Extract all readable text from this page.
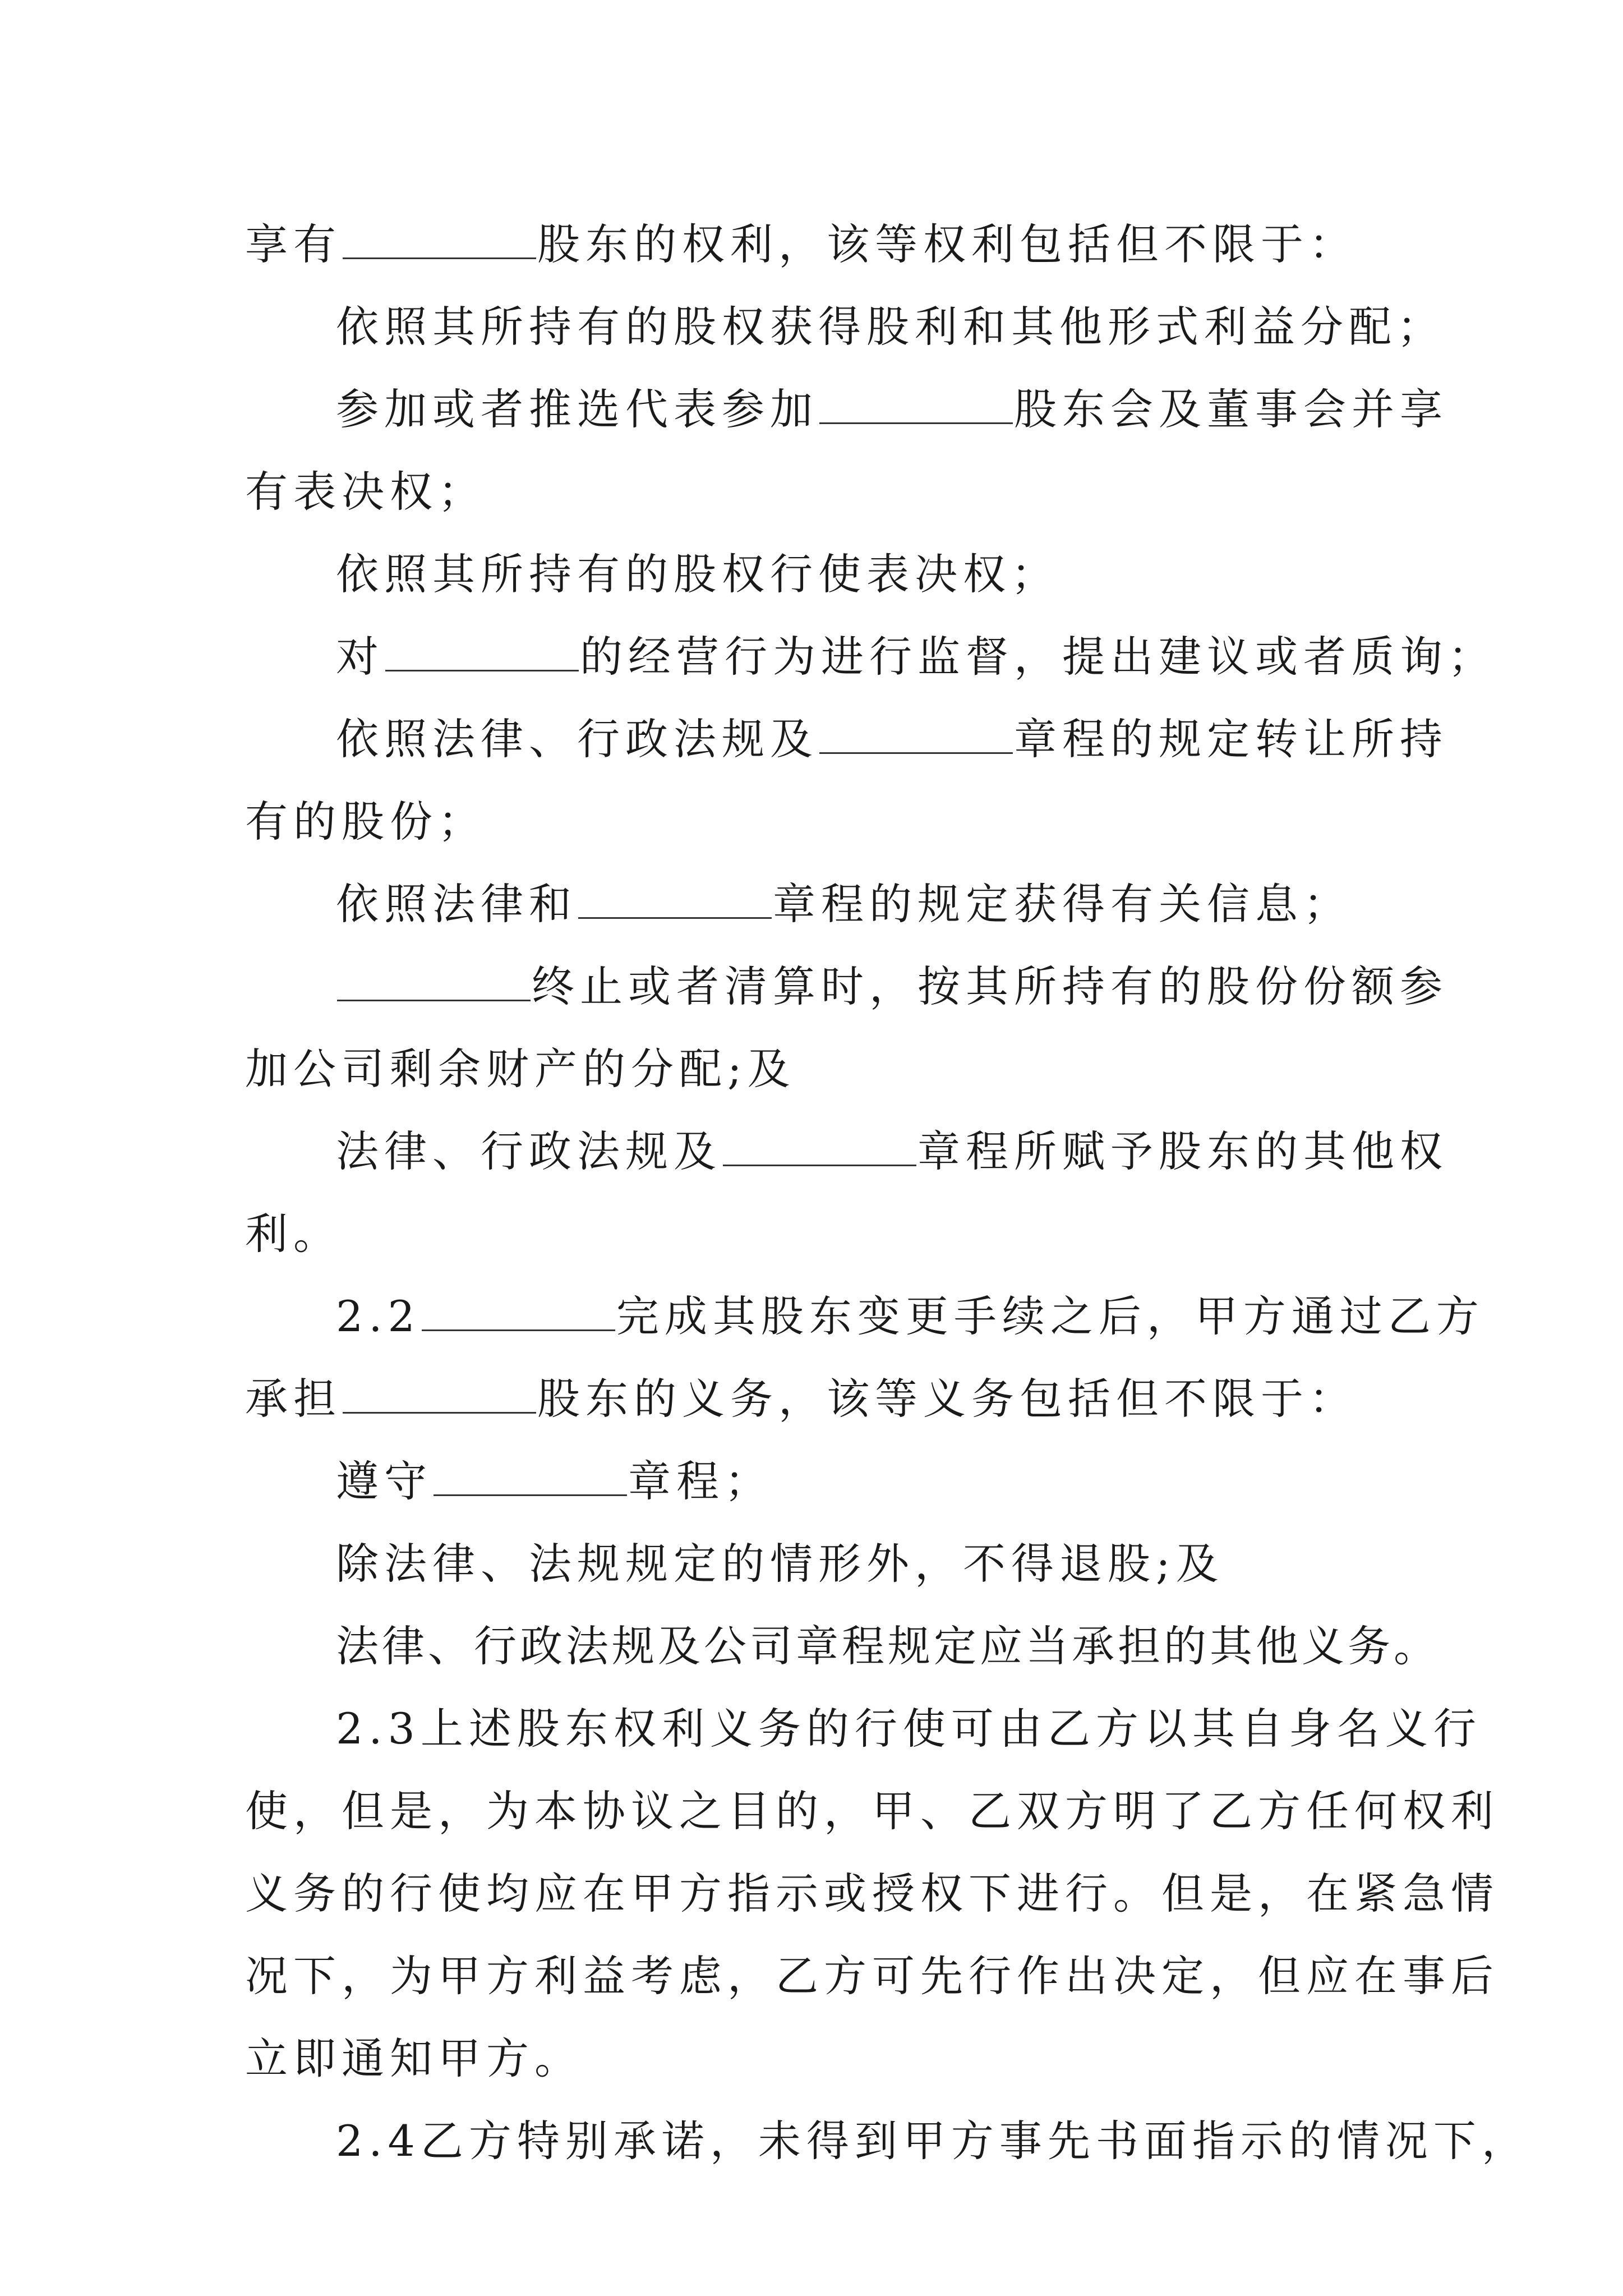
享有	股东的权利，该等权利包括但不限于：

依照其所持有的股权获得股利和其他形式利益分配；

参加或者推选代表参加	股东会及董事会并享

有表决权；

依照其所持有的股权行使表决权；

对	的经营行为进行监督，提出建议或者质询；

依照法律、行政法规及	章程的规定转让所持

有的股份；

依照法律和	章程的规定获得有关信息；

终止或者清算时，按其所持有的股份份额参

加公司剩余财产的分配;及

法律、行政法规及	章程所赋予股东的其他权

利。

2.2	完成其股东变更手续之后，甲方通过乙方

承担	股东的义务，该等义务包括但不限于：

遵守	章程；

除法律、法规规定的情形外，不得退股;及

法律、行政法规及公司章程规定应当承担的其他义务。

2.3上述股东权利义务的行使可由乙方以其自身名义行

使，但是，为本协议之目的，甲、乙双方明了乙方任何权利

义务的行使均应在甲方指示或授权下进行。但是，在紧急情

况下，为甲方利益考虑，乙方可先行作出决定，但应在事后

立即通知甲方。

2.4乙方特别承诺，未得到甲方事先书面指示的情况下，
